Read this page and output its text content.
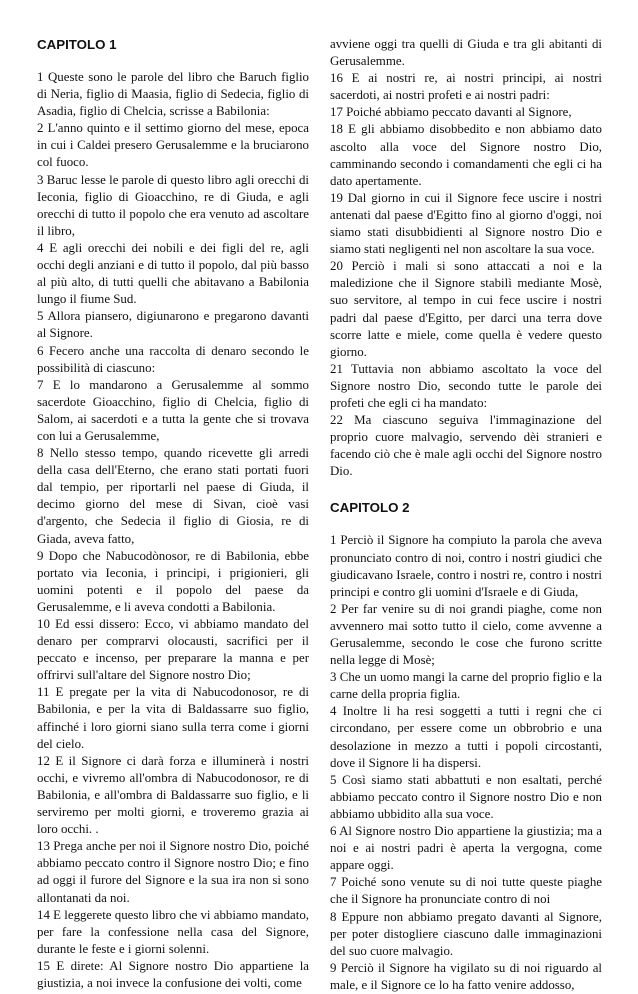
CAPITOLO 1

1 Queste sono le parole del libro che Baruch figlio di Neria, figlio di Maasia, figlio di Sedecia, figlio di Asadia, figlio di Chelcia, scrisse a Babilonia:

2 L'anno quinto e il settimo giorno del mese, epoca in cui i Caldei presero Gerusalemme e la bruciarono col fuoco.

3 Baruc lesse le parole di questo libro agli orecchi di Ieconia, figlio di Gioacchino, re di Giuda, e agli orecchi di tutto il popolo che era venuto ad ascoltare il libro,

4 E agli orecchi dei nobili e dei figli del re, agli occhi degli anziani e di tutto il popolo, dal più basso al più alto, di tutti quelli che abitavano a Babilonia lungo il fiume Sud.

5 Allora piansero, digiunarono e pregarono davanti al Signore.

6 Fecero anche una raccolta di denaro secondo le possibilità di ciascuno:

7 E lo mandarono a Gerusalemme al sommo sacerdote Gioacchino, figlio di Chelcia, figlio di Salom, ai sacerdoti e a tutta la gente che si trovava con lui a Gerusalemme,

8 Nello stesso tempo, quando ricevette gli arredi della casa dell'Eterno, che erano stati portati fuori dal tempio, per riportarli nel paese di Giuda, il decimo giorno del mese di Sivan, cioè vasi d'argento, che Sedecia il figlio di Giosia, re di Giada, aveva fatto,

9 Dopo che Nabucodònosor, re di Babilonia, ebbe portato via Ieconia, i principi, i prigionieri, gli uomini potenti e il popolo del paese da Gerusalemme, e li aveva condotti a Babilonia.

10 Ed essi dissero: Ecco, vi abbiamo mandato del denaro per comprarvi olocausti, sacrifici per il peccato e incenso, per preparare la manna e per offrirvi sull'altare del Signore nostro Dio;

11 E pregate per la vita di Nabucodonosor, re di Babilonia, e per la vita di Baldassarre suo figlio, affinché i loro giorni siano sulla terra come i giorni del cielo.

12 E il Signore ci darà forza e illuminerà i nostri occhi, e vivremo all'ombra di Nabucodonosor, re di Babilonia, e all'ombra di Baldassarre suo figlio, e li serviremo per molti giorni, e troveremo grazia ai loro occhi. .

13 Prega anche per noi il Signore nostro Dio, poiché abbiamo peccato contro il Signore nostro Dio; e fino ad oggi il furore del Signore e la sua ira non si sono allontanati da noi.

14 E leggerete questo libro che vi abbiamo mandato, per fare la confessione nella casa del Signore, durante le feste e i giorni solenni.

15 E direte: Al Signore nostro Dio appartiene la giustizia, a noi invece la confusione dei volti, come

avviene oggi tra quelli di Giuda e tra gli abitanti di Gerusalemme.

16 E ai nostri re, ai nostri principi, ai nostri sacerdoti, ai nostri profeti e ai nostri padri:

17 Poiché abbiamo peccato davanti al Signore,

18 E gli abbiamo disobbedito e non abbiamo dato ascolto alla voce del Signore nostro Dio, camminando secondo i comandamenti che egli ci ha dato apertamente.

19 Dal giorno in cui il Signore fece uscire i nostri antenati dal paese d'Egitto fino al giorno d'oggi, noi siamo stati disubbidienti al Signore nostro Dio e siamo stati negligenti nel non ascoltare la sua voce.

20 Perciò i mali si sono attaccati a noi e la maledizione che il Signore stabilì mediante Mosè, suo servitore, al tempo in cui fece uscire i nostri padri dal paese d'Egitto, per darci una terra dove scorre latte e miele, come quella è vedere questo giorno.

21 Tuttavia non abbiamo ascoltato la voce del Signore nostro Dio, secondo tutte le parole dei profeti che egli ci ha mandato:

22 Ma ciascuno seguiva l'immaginazione del proprio cuore malvagio, servendo dèi stranieri e facendo ciò che è male agli occhi del Signore nostro Dio.

CAPITOLO 2

1 Perciò il Signore ha compiuto la parola che aveva pronunciato contro di noi, contro i nostri giudici che giudicavano Israele, contro i nostri re, contro i nostri principi e contro gli uomini d'Israele e di Giuda,

2 Per far venire su di noi grandi piaghe, come non avvennero mai sotto tutto il cielo, come avvenne a Gerusalemme, secondo le cose che furono scritte nella legge di Mosè;

3 Che un uomo mangi la carne del proprio figlio e la carne della propria figlia.

4 Inoltre li ha resi soggetti a tutti i regni che ci circondano, per essere come un obbrobrio e una desolazione in mezzo a tutti i popoli circostanti, dove il Signore li ha dispersi.

5 Così siamo stati abbattuti e non esaltati, perché abbiamo peccato contro il Signore nostro Dio e non abbiamo ubbidito alla sua voce.

6 Al Signore nostro Dio appartiene la giustizia; ma a noi e ai nostri padri è aperta la vergogna, come appare oggi.

7 Poiché sono venute su di noi tutte queste piaghe che il Signore ha pronunciate contro di noi

8 Eppure non abbiamo pregato davanti al Signore, per poter distogliere ciascuno dalle immaginazioni del suo cuore malvagio.

9 Perciò il Signore ha vigilato su di noi riguardo al male, e il Signore ce lo ha fatto venire addosso,
